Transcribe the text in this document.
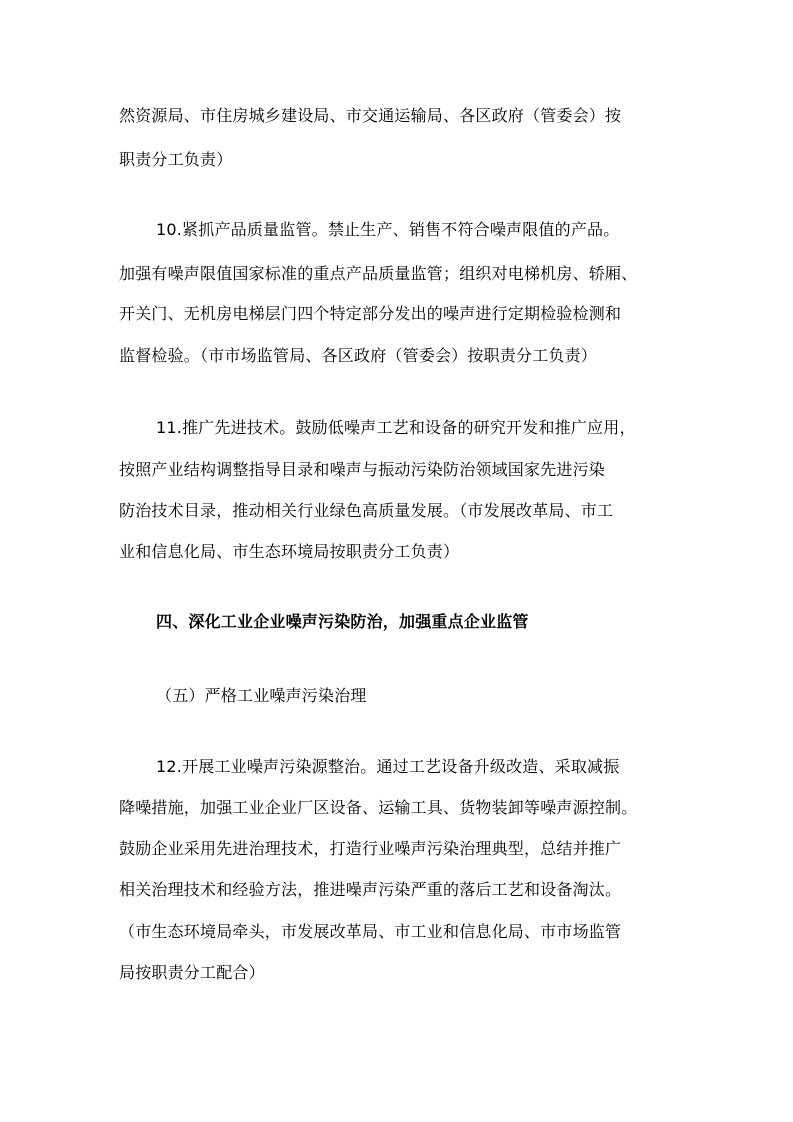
然资源局、市住房城乡建设局、市交通运输局、各区政府（管委会）按
职责分工负责）
10.紧抓产品质量监管。禁止生产、销售不符合噪声限值的产品。
加强有噪声限值国家标准的重点产品质量监管；组织对电梯机房、轿厢、
开关门、无机房电梯层门四个特定部分发出的噪声进行定期检验检测和
监督检验。（市市场监管局、各区政府（管委会）按职责分工负责）
11.推广先进技术。鼓励低噪声工艺和设备的研究开发和推广应用，
按照产业结构调整指导目录和噪声与振动污染防治领域国家先进污染
防治技术目录，推动相关行业绿色高质量发展。（市发展改革局、市工
业和信息化局、市生态环境局按职责分工负责）
四、深化工业企业噪声污染防治，加强重点企业监管
（五）严格工业噪声污染治理
12.开展工业噪声污染源整治。通过工艺设备升级改造、采取减振
降噪措施，加强工业企业厂区设备、运输工具、货物装卸等噪声源控制。
鼓励企业采用先进治理技术，打造行业噪声污染治理典型，总结并推广
相关治理技术和经验方法，推进噪声污染严重的落后工艺和设备淘汰。
（市生态环境局牵头，市发展改革局、市工业和信息化局、市市场监管
局按职责分工配合）
